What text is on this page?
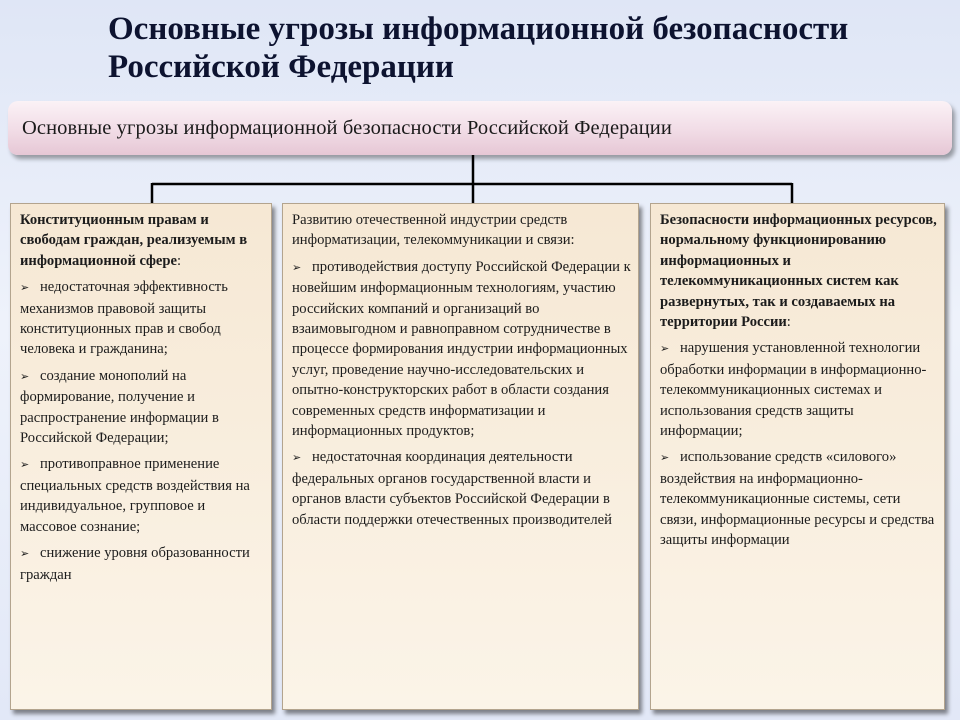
Основные угрозы информационной безопасности Российской Федерации
Основные угрозы информационной безопасности Российской Федерации

Конституционным правам и свободам граждан, реализуемым в информационной сфере:

➢ недостаточная эффективность механизмов правовой защиты конституционных прав и свобод человека и гражданина;

➢ создание монополий на формирование, получение и распространение информации в Российской Федерации;

➢ противоправное применение специальных средств воздействия на индивидуальное, групповое и массовое сознание;

➢ снижение уровня образованности граждан

Развитию отечественной индустрии средств информатизации, телекоммуникации и связи:

➢ противодействия доступу Российской Федерации к новейшим информационным технологиям, участию российских компаний и организаций во взаимовыгодном и равноправном сотрудничестве в процессе формирования индустрии информационных услуг, проведение научно-исследовательских и опытно-конструкторских работ в области создания современных средств информатизации и информационных продуктов;

➢ недостаточная координация деятельности федеральных органов государственной власти и органов власти субъектов Российской Федерации в области поддержки отечественных производителей

Безопасности информационных ресурсов, нормальному функционированию информационных и телекоммуникационных систем как развернутых, так и создаваемых на территории России:

➢ нарушения установленной технологии обработки информации в информационно-телекоммуникационных системах и использования средств защиты информации;

➢ использование средств «силового» воздействия на информационно-телекоммуникационные системы, сети связи, информационные ресурсы и средства защиты информации
